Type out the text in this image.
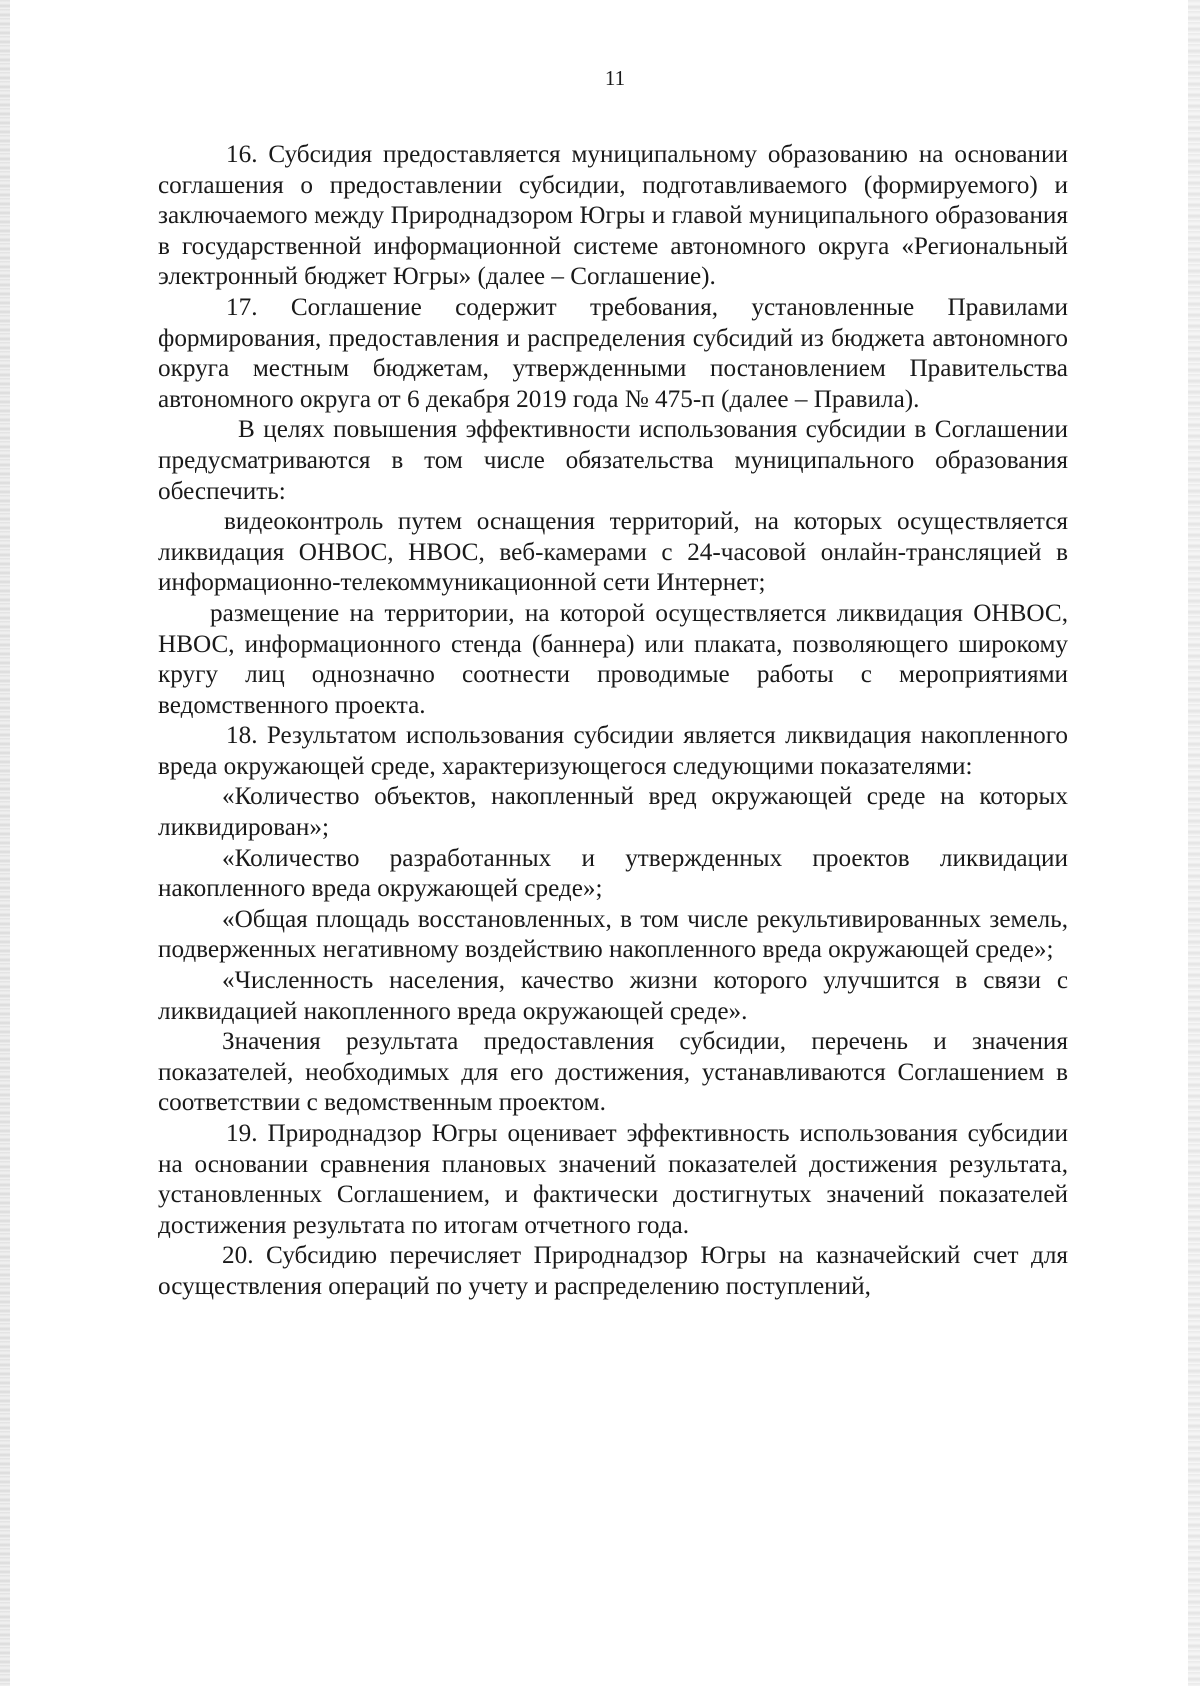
11

16. Субсидия предоставляется муниципальному образованию на основании соглашения о предоставлении субсидии, подготавливаемого (формируемого) и заключаемого между Природнадзором Югры и главой муниципального образования в государственной информационной системе автономного округа «Региональный электронный бюджет Югры» (далее – Соглашение).

17. Соглашение содержит требования, установленные Правилами формирования, предоставления и распределения субсидий из бюджета автономного округа местным бюджетам, утвержденными постановлением Правительства автономного округа от 6 декабря 2019 года № 475-п (далее – Правила).

В целях повышения эффективности использования субсидии в Соглашении предусматриваются в том числе обязательства муниципального образования обеспечить:

видеоконтроль путем оснащения территорий, на которых осуществляется ликвидация ОНВОС, НВОС, веб-камерами с 24-часовой онлайн-трансляцией в информационно-телекоммуникационной сети Интернет;

размещение на территории, на которой осуществляется ликвидация ОНВОС, НВОС, информационного стенда (баннера) или плаката, позволяющего широкому кругу лиц однозначно соотнести проводимые работы с мероприятиями ведомственного проекта.

18. Результатом использования субсидии является ликвидация накопленного вреда окружающей среде, характеризующегося следующими показателями:

«Количество объектов, накопленный вред окружающей среде на которых ликвидирован»;

«Количество разработанных и утвержденных проектов ликвидации накопленного вреда окружающей среде»;

«Общая площадь восстановленных, в том числе рекультивированных земель, подверженных негативному воздействию накопленного вреда окружающей среде»;

«Численность населения, качество жизни которого улучшится в связи с ликвидацией накопленного вреда окружающей среде».

Значения результата предоставления субсидии, перечень и значения показателей, необходимых для его достижения, устанавливаются Соглашением в соответствии с ведомственным проектом.

19. Природнадзор Югры оценивает эффективность использования субсидии на основании сравнения плановых значений показателей достижения результата, установленных Соглашением, и фактически достигнутых значений показателей достижения результата по итогам отчетного года.

20. Субсидию перечисляет Природнадзор Югры на казначейский счет для осуществления операций по учету и распределению поступлений,
